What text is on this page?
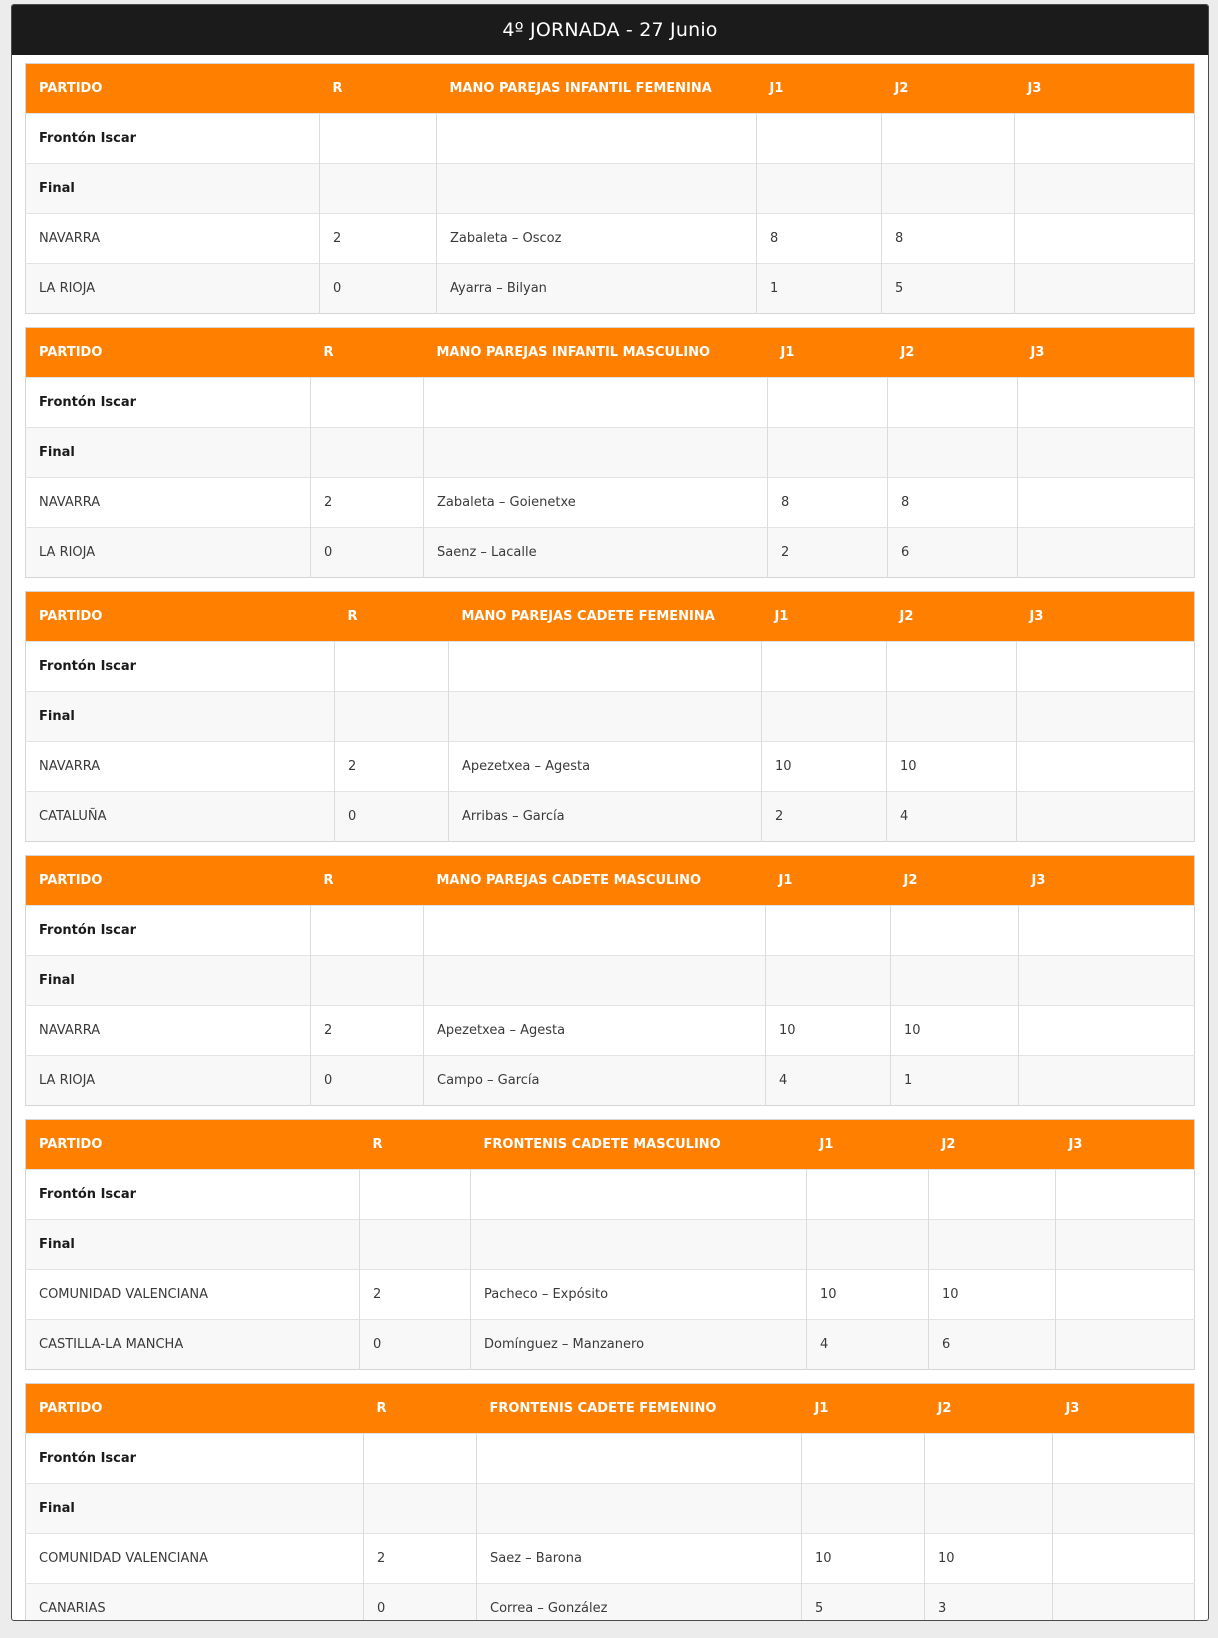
4º JORNADA - 27 Junio
PARTIDO	R	MANO PAREJAS INFANTIL FEMENINA	J1	J2	J3
Frontón Iscar					
Final					
NAVARRA	2	Zabaleta – Oscoz	8	8	
LA RIOJA	0	Ayarra – Bilyan	1	5	
PARTIDO	R	MANO PAREJAS INFANTIL MASCULINO	J1	J2	J3
Frontón Iscar					
Final					
NAVARRA	2	Zabaleta – Goienetxe	8	8	
LA RIOJA	0	Saenz – Lacalle	2	6	
PARTIDO	R	MANO PAREJAS CADETE FEMENINA	J1	J2	J3
Frontón Iscar					
Final					
NAVARRA	2	Apezetxea – Agesta	10	10	
CATALUÑA	0	Arribas – García	2	4	
PARTIDO	R	MANO PAREJAS CADETE MASCULINO	J1	J2	J3
Frontón Iscar					
Final					
NAVARRA	2	Apezetxea – Agesta	10	10	
LA RIOJA	0	Campo – García	4	1	
PARTIDO	R	FRONTENIS CADETE MASCULINO	J1	J2	J3
Frontón Iscar					
Final					
COMUNIDAD VALENCIANA	2	Pacheco – Expósito	10	10	
CASTILLA-LA MANCHA	0	Domínguez – Manzanero	4	6	
PARTIDO	R	FRONTENIS CADETE FEMENINO	J1	J2	J3
Frontón Iscar					
Final					
COMUNIDAD VALENCIANA	2	Saez – Barona	10	10	
CANARIAS	0	Correa – González	5	3	
